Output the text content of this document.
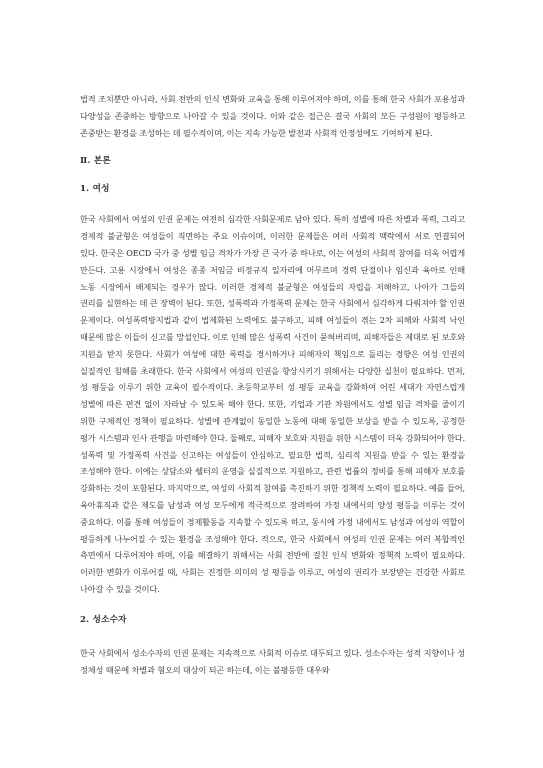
법적 조치뿐만 아니라, 사회 전반의 인식 변화와 교육을 통해 이루어져야 하며, 이를 통해 한국 사회가 포용성과 다양성을 존중하는 방향으로 나아갈 수 있을 것이다. 이와 같은 접근은 결국 사회의 모든 구성원이 평등하고 존중받는 환경을 조성하는 데 필수적이며, 이는 지속 가능한 발전과 사회적 안정성에도 기여하게 된다.

Ⅱ. 본론
1. 여성

한국 사회에서 여성의 인권 문제는 여전히 심각한 사회문제로 남아 있다. 특히 성별에 따른 차별과 폭력, 그리고 경제적 불균형은 여성들이 직면하는 주요 이슈이며, 이러한 문제들은 여러 사회적 맥락에서 서로 연결되어 있다. 한국은 OECD 국가 중 성별 임금 격차가 가장 큰 국가 중 하나로, 이는 여성의 사회적 참여를 더욱 어렵게 만든다. 고용 시장에서 여성은 종종 저임금 비정규직 일자리에 머무르며 경력 단절이나 임신과 육아로 인해 노동 시장에서 배제되는 경우가 많다. 이러한 경제적 불균형은 여성들의 자립을 저해하고, 나아가 그들의 권리를 실현하는 데 큰 장벽이 된다. 또한, 성폭력과 가정폭력 문제는 한국 사회에서 심각하게 다뤄져야 할 인권 문제이다. 여성폭력방지법과 같이 법제화된 노력에도 불구하고, 피해 여성들이 겪는 2차 피해와 사회적 낙인 때문에 많은 이들이 신고를 망설인다. 이로 인해 많은 성폭력 사건이 묻혀버리며, 피해자들은 제대로 된 보호와 지원을 받지 못한다. 사회가 여성에 대한 폭력을 경시하거나 피해자의 책임으로 돌리는 경향은 여성 인권의 실질적인 침해를 초래한다. 한국 사회에서 여성의 인권을 향상시키기 위해서는 다양한 실천이 필요하다. 먼저, 성 평등을 이루기 위한 교육이 필수적이다. 초등학교부터 성 평등 교육을 강화하여 어린 세대가 자연스럽게 성별에 따른 편견 없이 자라날 수 있도록 해야 한다. 또한, 기업과 기관 차원에서도 성별 임금 격차를 줄이기 위한 구체적인 정책이 필요하다. 성별에 관계없이 동일한 노동에 대해 동일한 보상을 받을 수 있도록, 공정한 평가 시스템과 인사 관행을 마련해야 한다. 둘째로, 피해자 보호와 지원을 위한 시스템이 더욱 강화되어야 한다. 성폭력 및 가정폭력 사건을 신고하는 여성들이 안심하고, 필요한 법적, 심리적 지원을 받을 수 있는 환경을 조성해야 한다. 이에는 상담소와 쉘터의 운영을 실질적으로 지원하고, 관련 법률의 정비를 통해 피해자 보호를 강화하는 것이 포함된다. 마지막으로, 여성의 사회적 참여를 촉진하기 위한 정책적 노력이 필요하다. 예를 들어, 육아휴직과 같은 제도를 남성과 여성 모두에게 적극적으로 장려하여 가정 내에서의 양성 평등을 이루는 것이 중요하다. 이를 통해 여성들이 경제활동을 지속할 수 있도록 하고, 동시에 가정 내에서도 남성과 여성의 역할이 평등하게 나누어질 수 있는 환경을 조성해야 한다. 적으로, 한국 사회에서 여성의 인권 문제는 여러 복합적인 측면에서 다루어져야 하며, 이를 해결하기 위해서는 사회 전반에 걸친 인식 변화와 정책적 노력이 필요하다. 이러한 변화가 이루어질 때, 사회는 진정한 의미의 성 평등을 이루고, 여성의 권리가 보장받는 건강한 사회로 나아갈 수 있을 것이다.

2. 성소수자

한국 사회에서 성소수자의 인권 문제는 지속적으로 사회적 이슈로 대두되고 있다. 성소수자는 성적 지향이나 성 정체성 때문에 차별과 혐오의 대상이 되곤 하는데, 이는 불평등한 대우와
